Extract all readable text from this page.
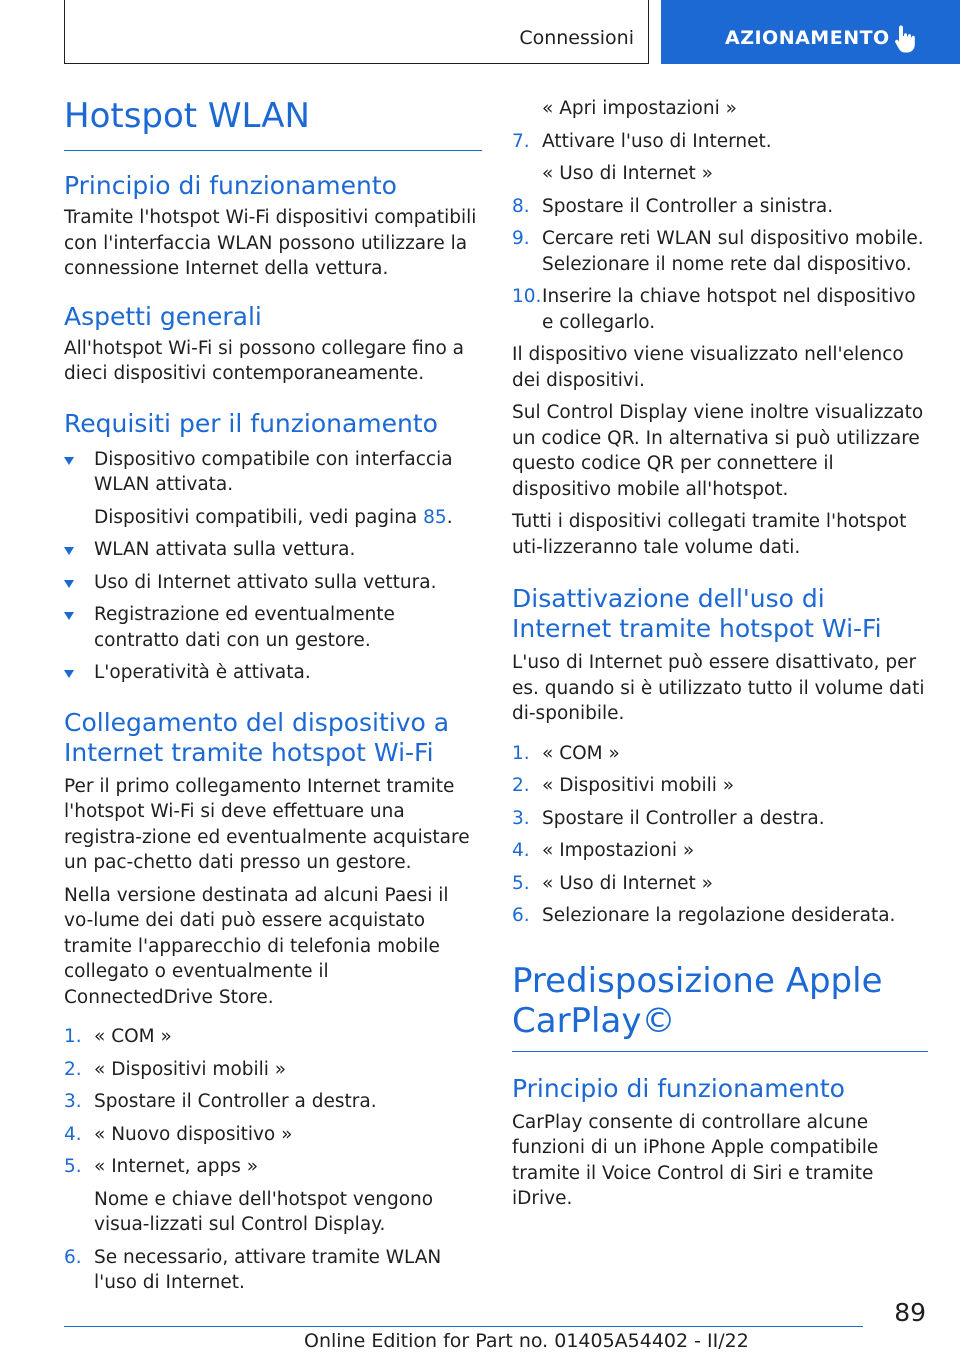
Connessioni	AZIONAMENTO
Hotspot WLAN
Principio di funzionamento

Tramite l'hotspot Wi-Fi dispositivi compatibili con l'interfaccia WLAN possono utilizzare la connessione Internet della vettura.

Aspetti generali

All'hotspot Wi-Fi si possono collegare fino a dieci dispositivi contemporaneamente.

Requisiti per il funzionamento
Dispositivo compatibile con interfaccia WLAN attivata.
Dispositivi compatibili, vedi pagina 85.
WLAN attivata sulla vettura.
Uso di Internet attivato sulla vettura.
Registrazione ed eventualmente contratto dati con un gestore.
L'operatività è attivata.
Collegamento del dispositivo a Internet tramite hotspot Wi-Fi

Per il primo collegamento Internet tramite l'hotspot Wi-Fi si deve effettuare una registra-zione ed eventualmente acquistare un pac-chetto dati presso un gestore.

Nella versione destinata ad alcuni Paesi il vo-lume dei dati può essere acquistato tramite l'apparecchio di telefonia mobile collegato o eventualmente il ConnectedDrive Store.

1. « COM »
2. « Dispositivi mobili »
3. Spostare il Controller a destra.
4. « Nuovo dispositivo »
5. « Internet, apps »
Nome e chiave dell'hotspot vengono visua-lizzati sul Control Display.
6. Se necessario, attivare tramite WLAN l'uso di Internet.

« Apri impostazioni »

7. Attivare l'uso di Internet.
« Uso di Internet »
8. Spostare il Controller a sinistra.
9. Cercare reti WLAN sul dispositivo mobile. Selezionare il nome rete dal dispositivo.
10. Inserire la chiave hotspot nel dispositivo e collegarlo.

Il dispositivo viene visualizzato nell'elenco dei dispositivi.

Sul Control Display viene inoltre visualizzato un codice QR. In alternativa si può utilizzare questo codice QR per connettere il dispositivo mobile all'hotspot.

Tutti i dispositivi collegati tramite l'hotspot uti-lizzeranno tale volume dati.

Disattivazione dell'uso di Internet tramite hotspot Wi-Fi

L'uso di Internet può essere disattivato, per es. quando si è utilizzato tutto il volume dati di-sponibile.

1. « COM »
2. « Dispositivi mobili »
3. Spostare il Controller a destra.
4. « Impostazioni »
5. « Uso di Internet »
6. Selezionare la regolazione desiderata.
Predisposizione Apple CarPlay©
Principio di funzionamento

CarPlay consente di controllare alcune funzioni di un iPhone Apple compatibile tramite il Voice Control di Siri e tramite iDrive.

89
Online Edition for Part no. 01405A54402 - II/22
